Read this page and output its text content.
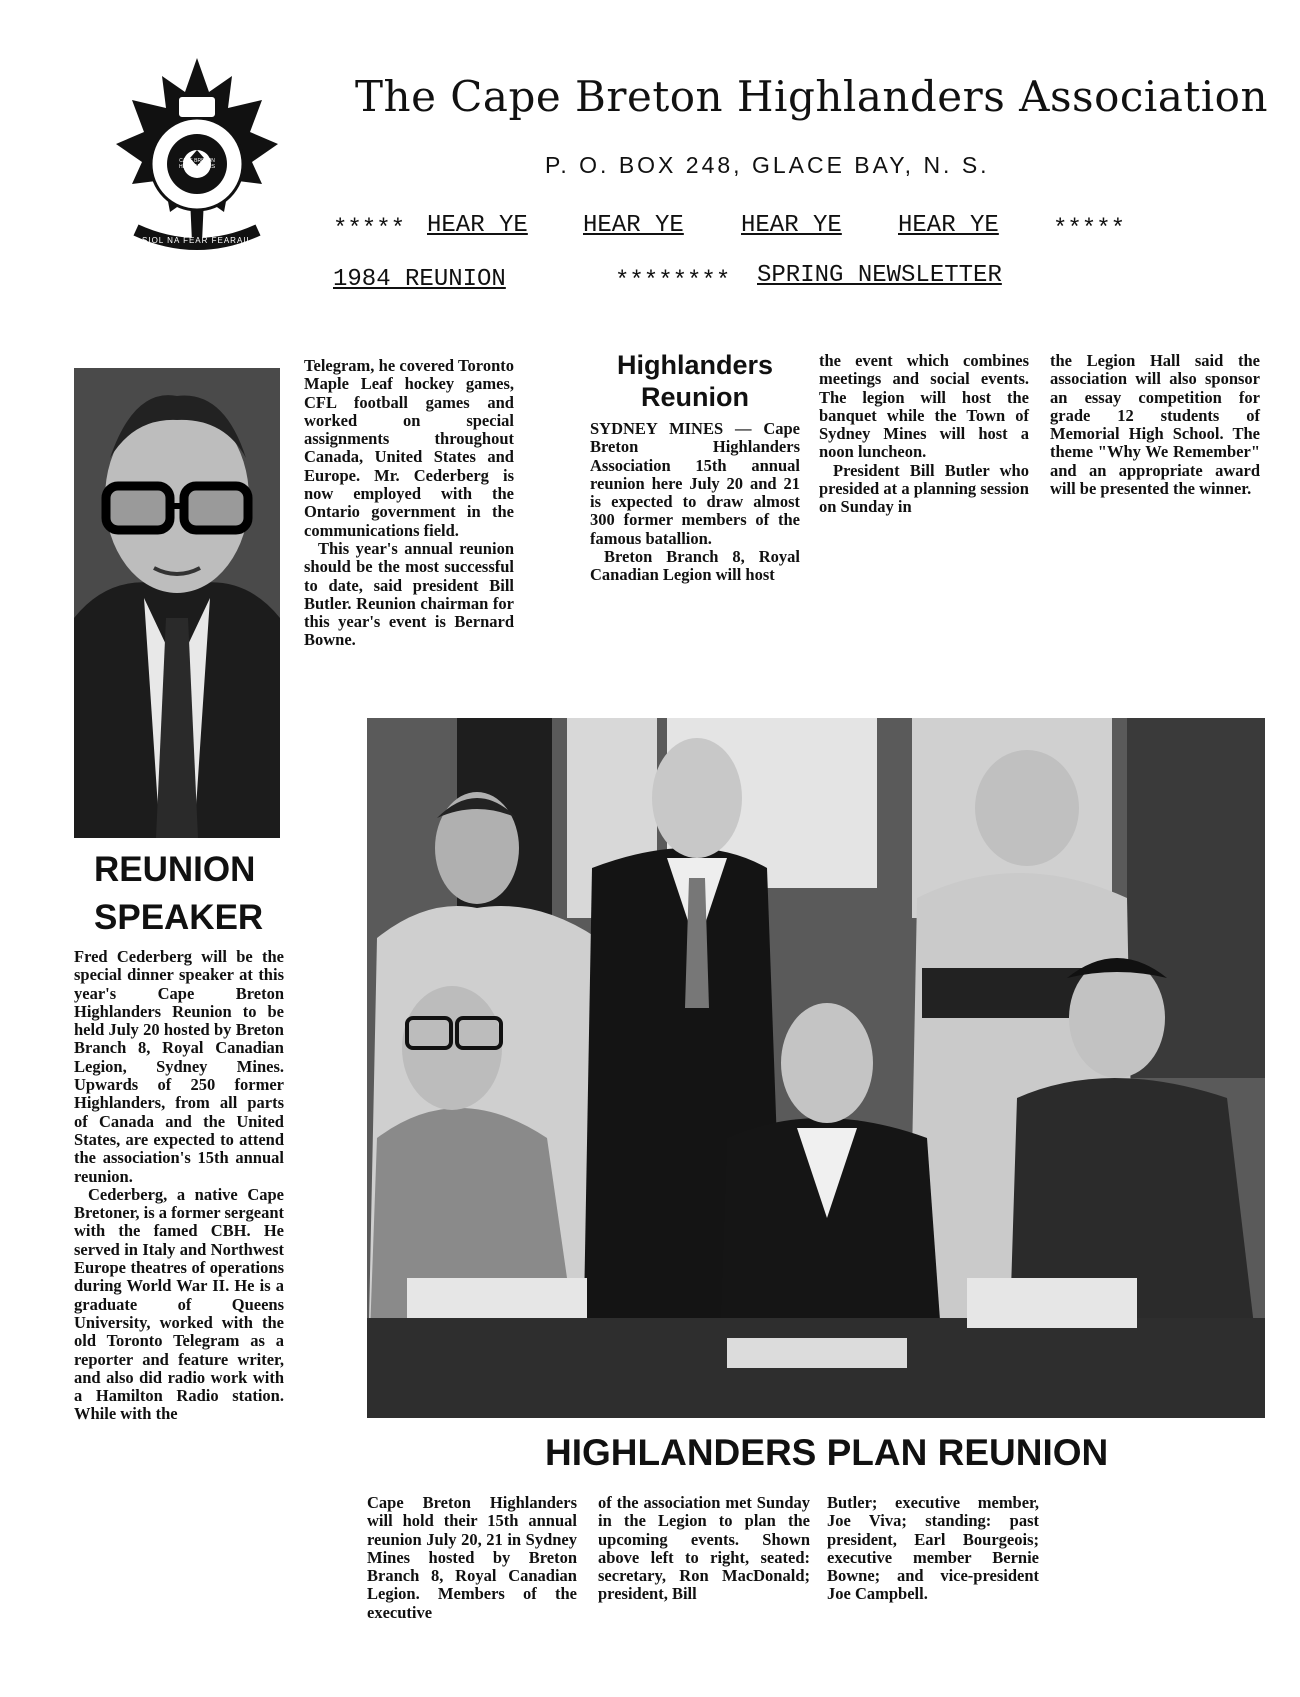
CAPE BRETON HIGHLANDERS
SIOL NA FEAR FEARAIL
The Cape Breton Highlanders Association
P. O. BOX 248, GLACE BAY, N. S.
***** HEAR YE HEAR YE HEAR YE HEAR YE *****
1984 REUNION	******** SPRING NEWSLETTER
REUNION
SPEAKER

Fred Cederberg will be the special dinner speaker at this year's Cape Breton Highlanders Reunion to be held July 20 hosted by Breton Branch 8, Royal Canadian Legion, Sydney Mines. Upwards of 250 former Highlanders, from all parts of Canada and the United States, are expected to attend the association's 15th annual reunion.

Cederberg, a native Cape Bretoner, is a former sergeant with the famed CBH. He served in Italy and Northwest Europe theatres of operations during World War II. He is a graduate of Queens University, worked with the old Toronto Telegram as a reporter and feature writer, and also did radio work with a Hamilton Radio station. While with the

Telegram, he covered Toronto Maple Leaf hockey games, CFL football games and worked on special assignments throughout Canada, United States and Europe. Mr. Cederberg is now employed with the Ontario government in the communications field.

This year's annual reunion should be the most successful to date, said president Bill Butler. Reunion chairman for this year's event is Bernard Bowne.

Highlanders
Reunion

SYDNEY MINES — Cape Breton Highlanders Association 15th annual reunion here July 20 and 21 is expected to draw almost 300 former members of the famous batallion.

Breton Branch 8, Royal Canadian Legion will host

the event which combines meetings and social events. The legion will host the banquet while the Town of Sydney Mines will host a noon luncheon.

President Bill Butler who presided at a planning session on Sunday in

the Legion Hall said the association will also sponsor an essay competition for grade 12 students of Memorial High School. The theme "Why We Remember" and an appropriate award will be presented the winner.

HIGHLANDERS PLAN REUNION
Cape Breton Highlanders will hold their 15th annual reunion July 20, 21 in Sydney Mines hosted by Breton Branch 8, Royal Canadian Legion. Members of the executive
of the association met Sunday in the Legion to plan the upcoming events. Shown above left to right, seated: secretary, Ron MacDonald; president, Bill
Butler; executive member, Joe Viva; standing: past president, Earl Bourgeois; executive member Bernie Bowne; and vice-president Joe Campbell.
